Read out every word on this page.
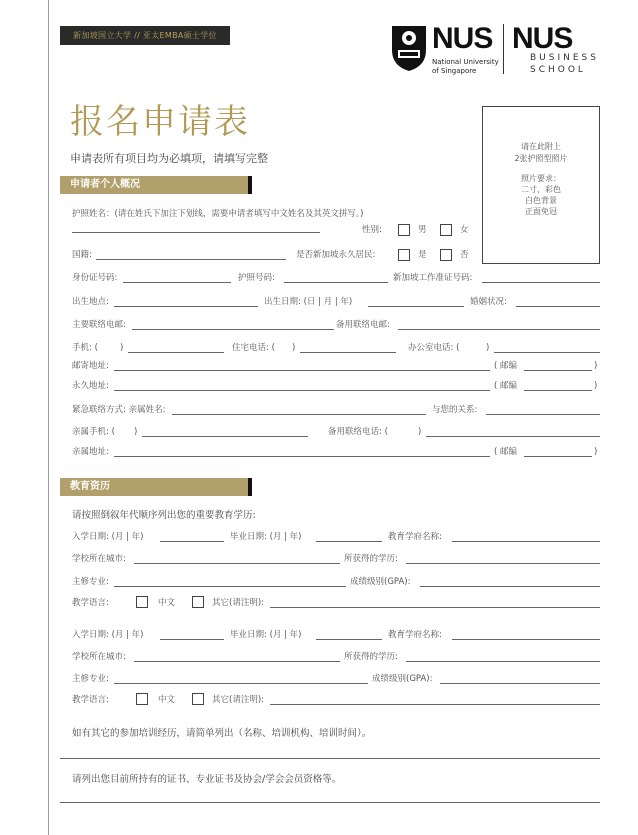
新加坡国立大学 // 亚太EMBA硕士学位	NUS
National University
of Singapore
NUS
BUSINESS
SCHOOL
报名申请表
申请表所有项目均为必填项，请填写完整
请在此附上
2张护照型照片
照片要求：
二寸，彩色
白色背景
正面免冠
申请者个人概况
护照姓名：(请在姓氏下加注下划线，需要申请者填写中文姓名及其英文拼写。)
性别:	男	女
国籍:	是否新加坡永久居民:	是	否
身份证号码:	护照号码:	新加坡工作准证号码:
出生地点:	出生日期: (日 | 月 | 年)	婚姻状况:
主要联络电邮:	备用联络电邮:
手机: (	)	住宅电话: ( )	办公室电话: (	)
邮寄地址:	( 邮编	)
永久地址:	( 邮编	)
紧急联络方式: 亲属姓名:	与您的关系:
亲属手机: ( )	备用联络电话: (	)
亲属地址:	( 邮编	)
教育资历
请按照倒叙年代顺序列出您的重要教育学历:
入学日期: (月 | 年)	毕业日期: (月 | 年)	教育学府名称:
学校所在城市:	所获得的学历:
主修专业:	成绩级别(GPA):
教学语言:	中文	其它(请注明):
入学日期: (月 | 年)	毕业日期: (月 | 年)	教育学府名称:
学校所在城市:	所获得的学历:
主修专业:	成绩级别(GPA):
教学语言:	中文	其它(请注明):
如有其它的参加培训经历，请简单列出（名称、培训机构、培训时间）。
请列出您目前所持有的证书、专业证书及协会/学会会员资格等。
